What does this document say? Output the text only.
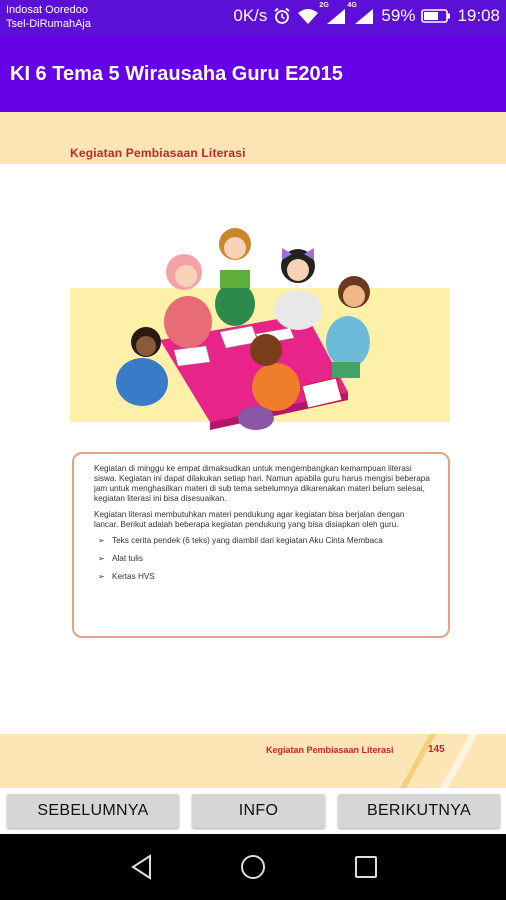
Indosat Ooredoo
Tsel-DiRumahAja	0K/s
2G	4G
59% 19:08
KI 6 Tema 5 Wirausaha Guru E2015
Kegiatan Pembiasaan Literasi

Kegiatan di minggu ke empat dimaksudkan untuk mengembangkan kemampuan literasi siswa. Kegiatan ini dapat dilakukan setiap hari. Namun apabila guru harus mengisi beberapa jam untuk menghasilkan materi di sub tema sebelumnya dikarenakan materi belum selesai, kegiatan literasi ini bisa disesuaikan.

Kegiatan literasi membutuhkan materi pendukung agar kegiatan bisa berjalan dengan lancar. Berikut adalah beberapa kegiatan pendukung yang bisa disiapkan oleh guru.

➢ Teks cerita pendek (6 teks) yang diambil dari kegiatan Aku Cinta Membaca
➢ Alat tulis
➢ Kertas HVS
Kegiatan Pembiasaan Literasi	145
SEBELUMNYA	INFO	BERIKUTNYA
